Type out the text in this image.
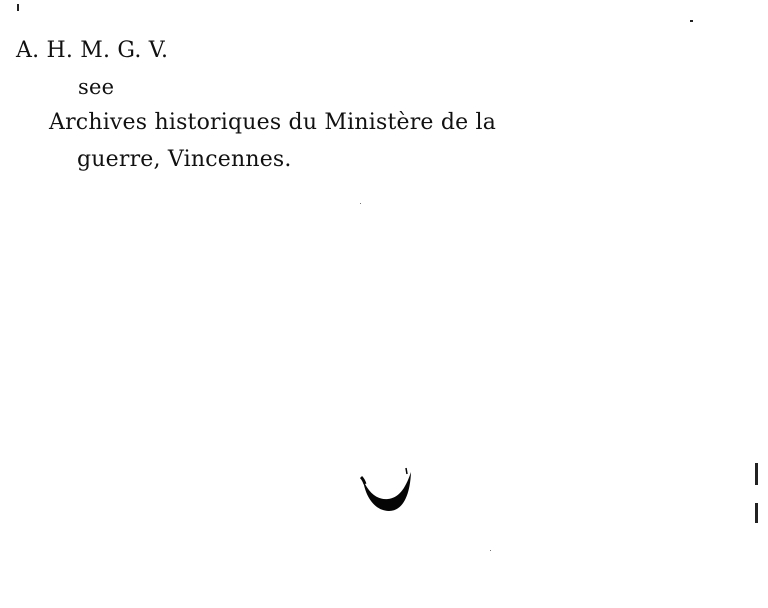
A. H. M. G. V.
see
Archives historiques du Ministère de la
guerre, Vincennes.
